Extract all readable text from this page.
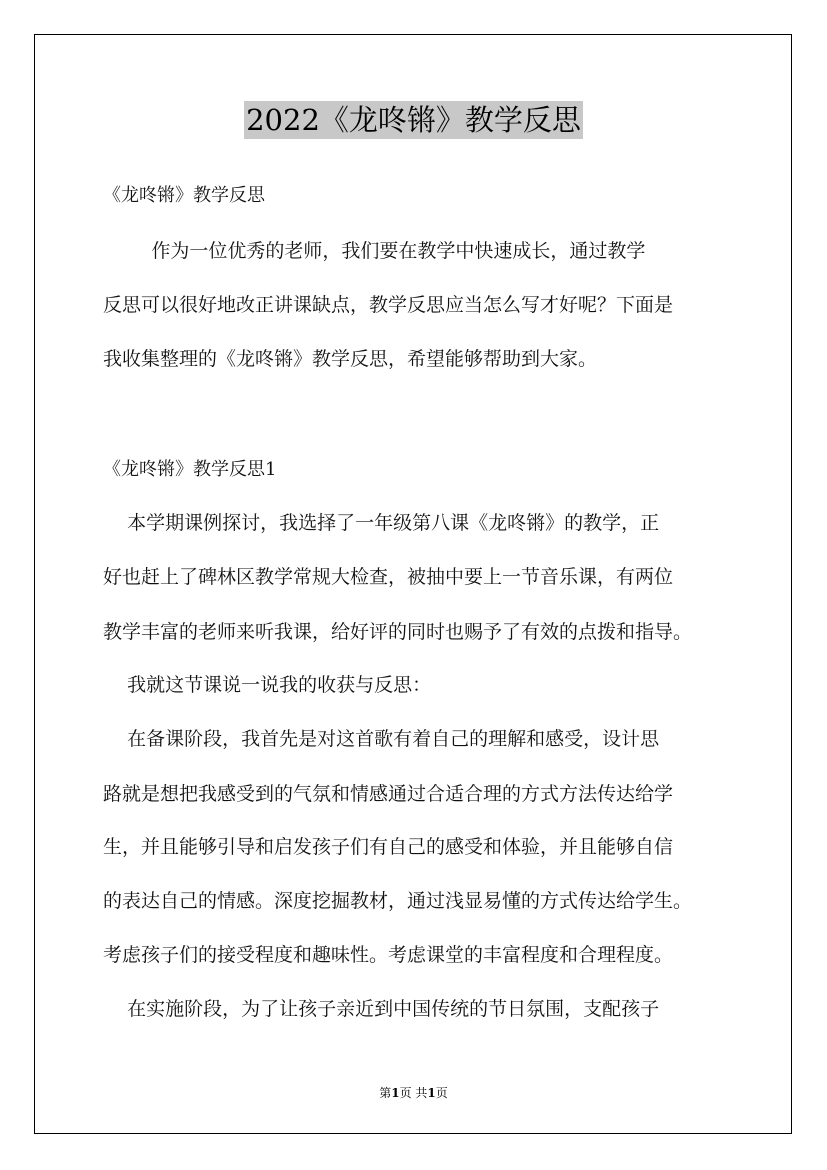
2022《龙咚锵》教学反思
《龙咚锵》教学反思
作为一位优秀的老师，我们要在教学中快速成长，通过教学
反思可以很好地改正讲课缺点，教学反思应当怎么写才好呢？下面是
我收集整理的《龙咚锵》教学反思，希望能够帮助到大家。
《龙咚锵》教学反思1
本学期课例探讨，我选择了一年级第八课《龙咚锵》的教学，正
好也赶上了碑林区教学常规大检查，被抽中要上一节音乐课，有两位
教学丰富的老师来听我课，给好评的同时也赐予了有效的点拨和指导。
我就这节课说一说我的收获与反思：
在备课阶段，我首先是对这首歌有着自己的理解和感受，设计思
路就是想把我感受到的气氛和情感通过合适合理的方式方法传达给学
生，并且能够引导和启发孩子们有自己的感受和体验，并且能够自信
的表达自己的情感。深度挖掘教材，通过浅显易懂的方式传达给学生。
考虑孩子们的接受程度和趣味性。考虑课堂的丰富程度和合理程度。
在实施阶段，为了让孩子亲近到中国传统的节日氛围，支配孩子
第1页 共1页
